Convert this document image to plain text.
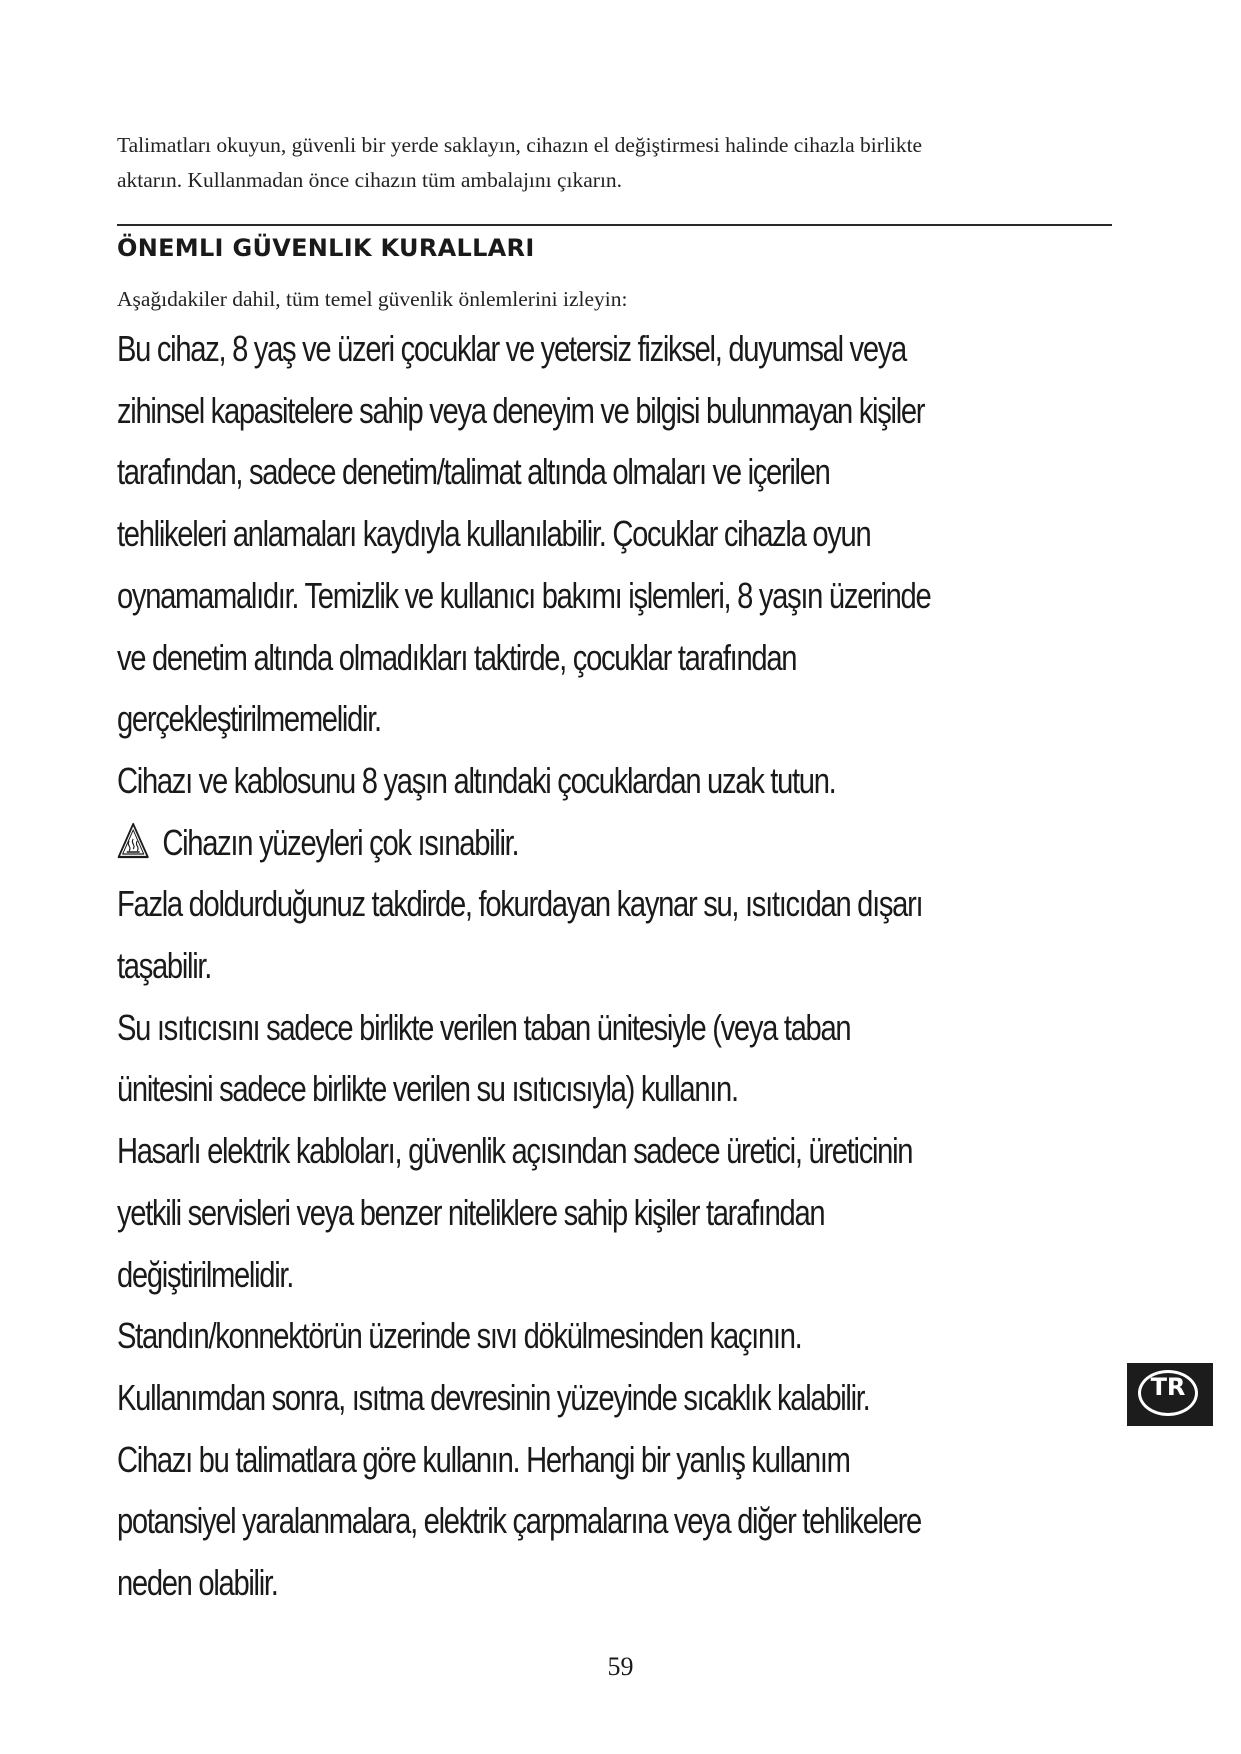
Talimatları okuyun, güvenli bir yerde saklayın, cihazın el değiştirmesi halinde cihazla birlikte

aktarın. Kullanmadan önce cihazın tüm ambalajını çıkarın.

ÖNEMLI GÜVENLIK KURALLARI
Aşağıdakiler dahil, tüm temel güvenlik önlemlerini izleyin:

Bu cihaz, 8 yaş ve üzeri çocuklar ve yetersiz fiziksel, duyumsal veya

zihinsel kapasitelere sahip veya deneyim ve bilgisi bulunmayan kişiler

tarafından, sadece denetim/talimat altında olmaları ve içerilen

tehlikeleri anlamaları kaydıyla kullanılabilir. Çocuklar cihazla oyun

oynamamalıdır. Temizlik ve kullanıcı bakımı işlemleri, 8 yaşın üzerinde

ve denetim altında olmadıkları taktirde, çocuklar tarafından

gerçekleştirilmemelidir.

Cihazı ve kablosunu 8 yaşın altındaki çocuklardan uzak tutun.

Cihazın yüzeyleri çok ısınabilir.

Fazla doldurduğunuz takdirde, fokurdayan kaynar su, ısıtıcıdan dışarı

taşabilir.

Su ısıtıcısını sadece birlikte verilen taban ünitesiyle (veya taban

ünitesini sadece birlikte verilen su ısıtıcısıyla) kullanın.

Hasarlı elektrik kabloları, güvenlik açısından sadece üretici, üreticinin

yetkili servisleri veya benzer niteliklere sahip kişiler tarafından

değiştirilmelidir.

Standın/konnektörün üzerinde sıvı dökülmesinden kaçının.

Kullanımdan sonra, ısıtma devresinin yüzeyinde sıcaklık kalabilir.

Cihazı bu talimatlara göre kullanın. Herhangi bir yanlış kullanım

potansiyel yaralanmalara, elektrik çarpmalarına veya diğer tehlikelere

neden olabilir.

TR
59
